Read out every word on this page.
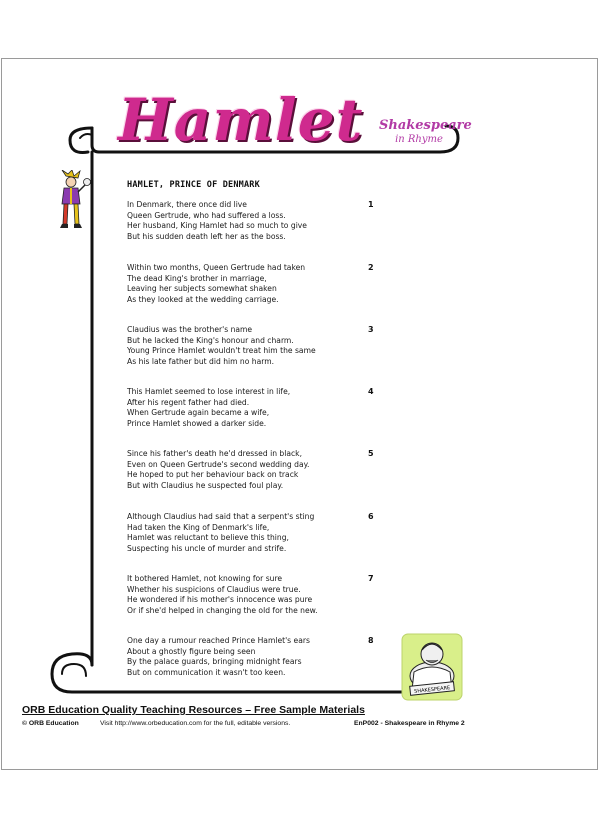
Hamlet Shakespeare
in Rhyme
HAMLET, PRINCE OF DENMARK
SHAKESPEARE
ORB Education Quality Teaching Resources – Free Sample Materials
© ORB Education	Visit http://www.orbeducation.com for the full, editable versions.	EnP002 - Shakespeare in Rhyme 2
In Denmark, there once did live
Queen Gertrude, who had suffered a loss.
Her husband, King Hamlet had so much to give
But his sudden death left her as the boss.
1
Within two months, Queen Gertrude had taken
The dead King's brother in marriage,
Leaving her subjects somewhat shaken
As they looked at the wedding carriage.
2
Claudius was the brother's name
But he lacked the King's honour and charm.
Young Prince Hamlet wouldn't treat him the same
As his late father but did him no harm.
3
This Hamlet seemed to lose interest in life,
After his regent father had died.
When Gertrude again became a wife,
Prince Hamlet showed a darker side.
4
Since his father's death he'd dressed in black,
Even on Queen Gertrude's second wedding day.
He hoped to put her behaviour back on track
But with Claudius he suspected foul play.
5
Although Claudius had said that a serpent's sting
Had taken the King of Denmark's life,
Hamlet was reluctant to believe this thing,
Suspecting his uncle of murder and strife.
6
It bothered Hamlet, not knowing for sure
Whether his suspicions of Claudius were true.
He wondered if his mother's innocence was pure
Or if she'd helped in changing the old for the new.
7
One day a rumour reached Prince Hamlet's ears
About a ghostly figure being seen
By the palace guards, bringing midnight fears
But on communication it wasn't too keen.
8
